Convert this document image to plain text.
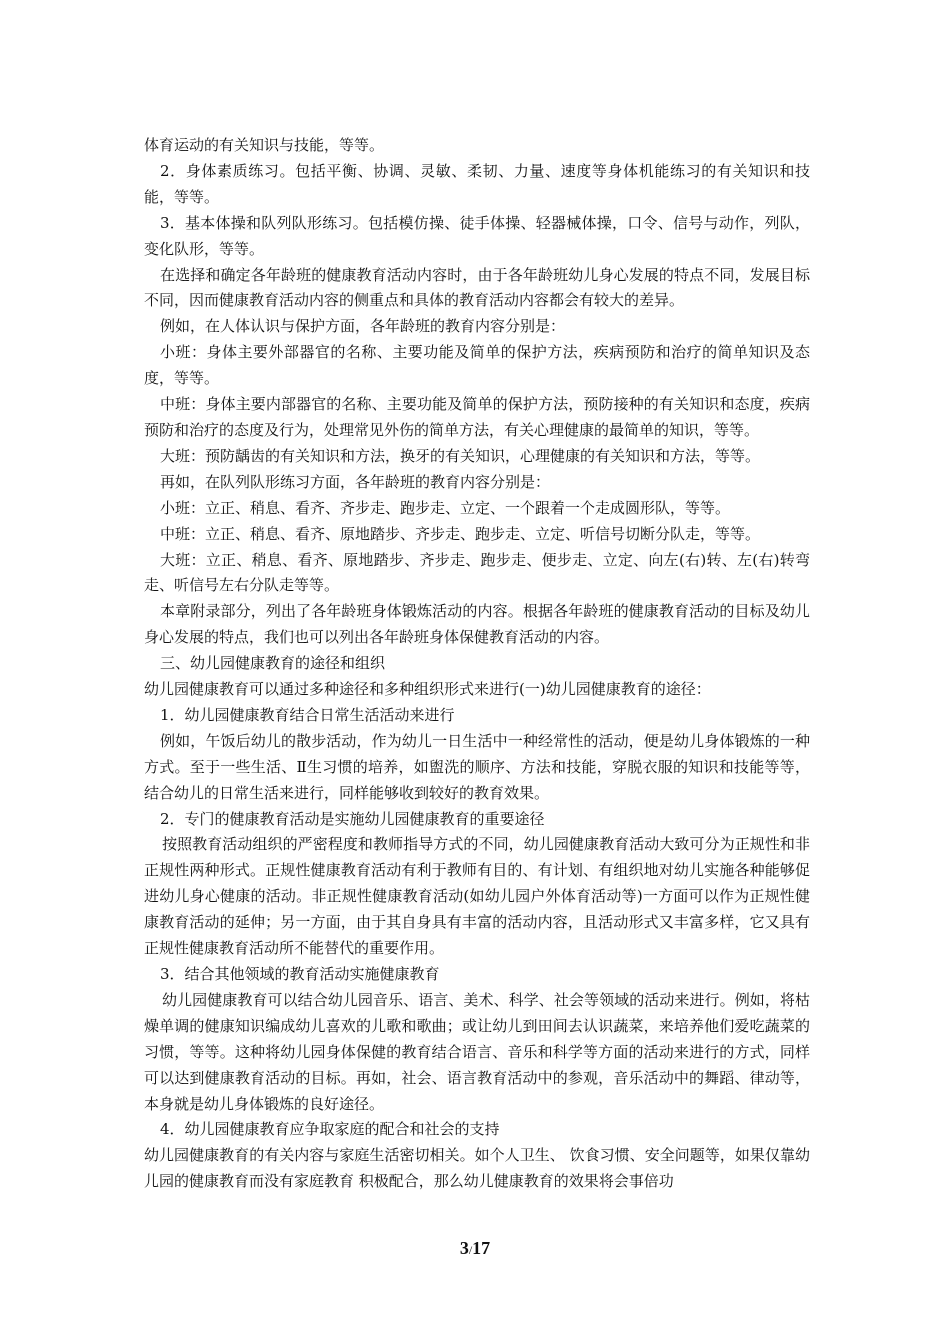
体育运动的有关知识与技能，等等。

2．身体素质练习。包括平衡、协调、灵敏、柔韧、力量、速度等身体机能练习的有关知识和技能，等等。

3．基本体操和队列队形练习。包括模仿操、徒手体操、轻器械体操，口令、信号与动作，列队，变化队形，等等。

在选择和确定各年龄班的健康教育活动内容时，由于各年龄班幼儿身心发展的特点不同，发展目标不同，因而健康教育活动内容的侧重点和具体的教育活动内容都会有较大的差异。

例如，在人体认识与保护方面，各年龄班的教育内容分别是：

小班：身体主要外部器官的名称、主要功能及简单的保护方法，疾病预防和治疗的简单知识及态度，等等。

中班：身体主要内部器官的名称、主要功能及简单的保护方法，预防接种的有关知识和态度，疾病预防和治疗的态度及行为，处理常见外伤的简单方法，有关心理健康的最简单的知识，等等。

大班：预防龋齿的有关知识和方法，换牙的有关知识，心理健康的有关知识和方法，等等。

再如，在队列队形练习方面，各年龄班的教育内容分别是：

小班：立正、稍息、看齐、齐步走、跑步走、立定、一个跟着一个走成圆形队，等等。

中班：立正、稍息、看齐、原地踏步、齐步走、跑步走、立定、听信号切断分队走，等等。

大班：立正、稍息、看齐、原地踏步、齐步走、跑步走、便步走、立定、向左(右)转、左(右)转弯走、听信号左右分队走等等。

本章附录部分，列出了各年龄班身体锻炼活动的内容。根据各年龄班的健康教育活动的目标及幼儿身心发展的特点，我们也可以列出各年龄班身体保健教育活动的内容。

三、幼儿园健康教育的途径和组织

幼儿园健康教育可以通过多种途径和多种组织形式来进行(一)幼儿园健康教育的途径：

1．幼儿园健康教育结合日常生活活动来进行

例如，午饭后幼儿的散步活动，作为幼儿一日生活中一种经常性的活动，便是幼儿身体锻炼的一种方式。至于一些生活、Ⅱ生习惯的培养，如盥洗的顺序、方法和技能，穿脱衣服的知识和技能等等，结合幼儿的日常生活来进行，同样能够收到较好的教育效果。

2．专门的健康教育活动是实施幼儿园健康教育的重要途径

按照教育活动组织的严密程度和教师指导方式的不同，幼儿园健康教育活动大致可分为正规性和非正规性两种形式。正规性健康教育活动有利于教师有目的、有计划、有组织地对幼儿实施各种能够促进幼儿身心健康的活动。非正规性健康教育活动(如幼儿园户外体育活动等)一方面可以作为正规性健康教育活动的延伸；另一方面，由于其自身具有丰富的活动内容，且活动形式又丰富多样，它又具有正规性健康教育活动所不能替代的重要作用。

3．结合其他领域的教育活动实施健康教育

幼儿园健康教育可以结合幼儿园音乐、语言、美术、科学、社会等领域的活动来进行。例如，将枯燥单调的健康知识编成幼儿喜欢的儿歌和歌曲；或让幼儿到田间去认识蔬菜，来培养他们爱吃蔬菜的习惯，等等。这种将幼儿园身体保健的教育结合语言、音乐和科学等方面的活动来进行的方式，同样可以达到健康教育活动的目标。再如，社会、语言教育活动中的参观，音乐活动中的舞蹈、律动等，本身就是幼儿身体锻炼的良好途径。

4．幼儿园健康教育应争取家庭的配合和社会的支持

幼儿园健康教育的有关内容与家庭生活密切相关。如个人卫生、 饮食习惯、安全问题等，如果仅靠幼儿园的健康教育而没有家庭教育 积极配合，那么幼儿健康教育的效果将会事倍功

3/17
